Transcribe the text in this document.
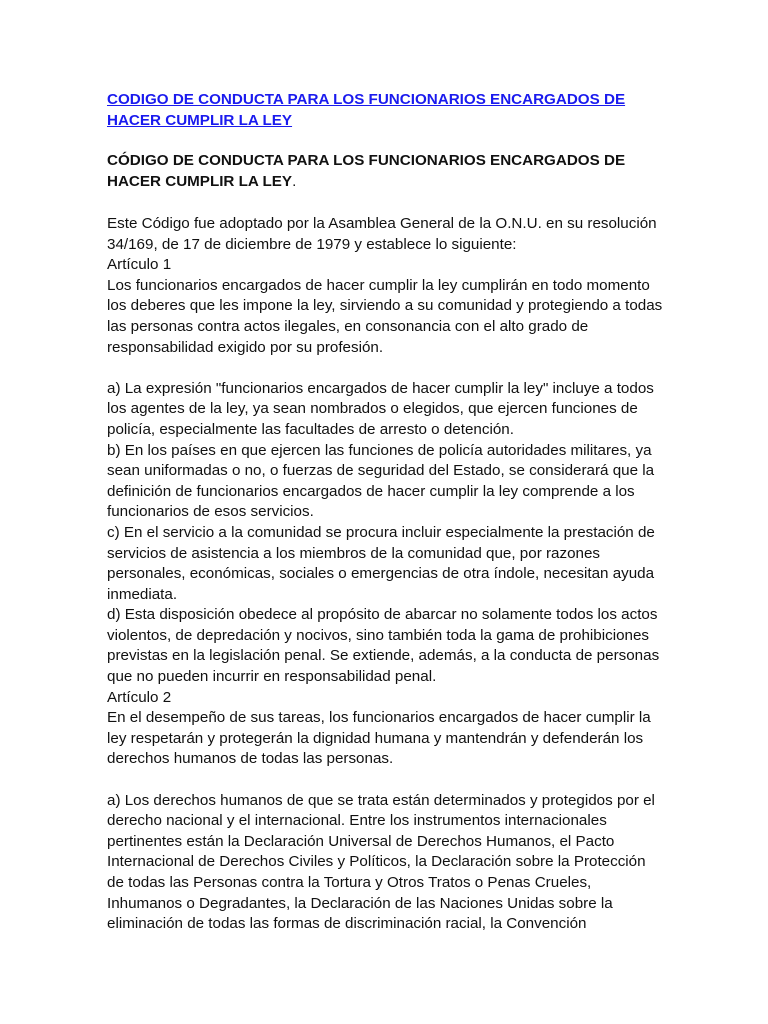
CODIGO DE CONDUCTA PARA LOS FUNCIONARIOS ENCARGADOS DE
HACER CUMPLIR LA LEY

CÓDIGO DE CONDUCTA PARA LOS FUNCIONARIOS ENCARGADOS DE
HACER CUMPLIR LA LEY.

Este Código fue adoptado por la Asamblea General de la O.N.U. en su resolución

34/169, de 17 de diciembre de 1979 y establece lo siguiente:

Artículo 1

Los funcionarios encargados de hacer cumplir la ley cumplirán en todo momento

los deberes que les impone la ley, sirviendo a su comunidad y protegiendo a todas

las personas contra actos ilegales, en consonancia con el alto grado de

responsabilidad exigido por su profesión.

a) La expresión "funcionarios encargados de hacer cumplir la ley" incluye a todos

los agentes de la ley, ya sean nombrados o elegidos, que ejercen funciones de

policía, especialmente las facultades de arresto o detención.

b) En los países en que ejercen las funciones de policía autoridades militares, ya

sean uniformadas o no, o fuerzas de seguridad del Estado, se considerará que la

definición de funcionarios encargados de hacer cumplir la ley comprende a los

funcionarios de esos servicios.

c) En el servicio a la comunidad se procura incluir especialmente la prestación de

servicios de asistencia a los miembros de la comunidad que, por razones

personales, económicas, sociales o emergencias de otra índole, necesitan ayuda

inmediata.

d) Esta disposición obedece al propósito de abarcar no solamente todos los actos

violentos, de depredación y nocivos, sino también toda la gama de prohibiciones

previstas en la legislación penal. Se extiende, además, a la conducta de personas

que no pueden incurrir en responsabilidad penal.

Artículo 2

En el desempeño de sus tareas, los funcionarios encargados de hacer cumplir la

ley respetarán y protegerán la dignidad humana y mantendrán y defenderán los

derechos humanos de todas las personas.

a) Los derechos humanos de que se trata están determinados y protegidos por el

derecho nacional y el internacional. Entre los instrumentos internacionales

pertinentes están la Declaración Universal de Derechos Humanos, el Pacto

Internacional de Derechos Civiles y Políticos, la Declaración sobre la Protección

de todas las Personas contra la Tortura y Otros Tratos o Penas Crueles,

Inhumanos o Degradantes, la Declaración de las Naciones Unidas sobre la

eliminación de todas las formas de discriminación racial, la Convención
